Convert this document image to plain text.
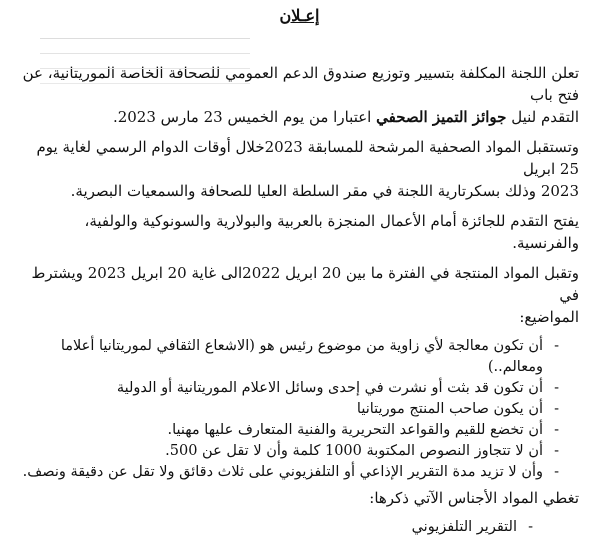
إعـلان

تعلن اللجنة المكلفة بتسيير وتوزيع صندوق الدعم العمومي للصحافة الخاصة الموريتانية، عن فتح باب
التقدم لنيل جوائز التميز الصحفي اعتبارا من يوم الخميس 23 مارس 2023.

وتستقبل المواد الصحفية المرشحة للمسابقة 2023خلال أوقات الدوام الرسمي لغاية يوم 25 ابريل
2023 وذلك بسكرتارية اللجنة في مقر السلطة العليا للصحافة والسمعيات البصرية.

يفتح التقدم للجائزة أمام الأعمال المنجزة بالعربية والبولارية والسونوكية والولفية، والفرنسية.

وتقبل المواد المنتجة في الفترة ما بين 20 ابريل 2022الى غاية 20 ابريل 2023 ويشترط في
المواضيع:

- أن تكون معالجة لأي زاوية من موضوع رئيس هو (الاشعاع الثقافي لموريتانيا أعلاما ومعالم..)
- أن تكون قد بثت أو نشرت في إحدى وسائل الاعلام الموريتانية أو الدولية
- أن يكون صاحب المنتج موريتانيا
- أن تخضع للقيم والقواعد التحريرية والفنية المتعارف عليها مهنيا.
- أن لا تتجاوز النصوص المكتوبة 1000 كلمة وأن لا تقل عن 500.
- وأن لا تزيد مدة التقرير الإذاعي أو التلفزيوني على ثلاث دقائق ولا تقل عن دقيقة ونصف.

تغطي المواد الأجناس الآتي ذكرها:

- التقرير التلفزيوني
